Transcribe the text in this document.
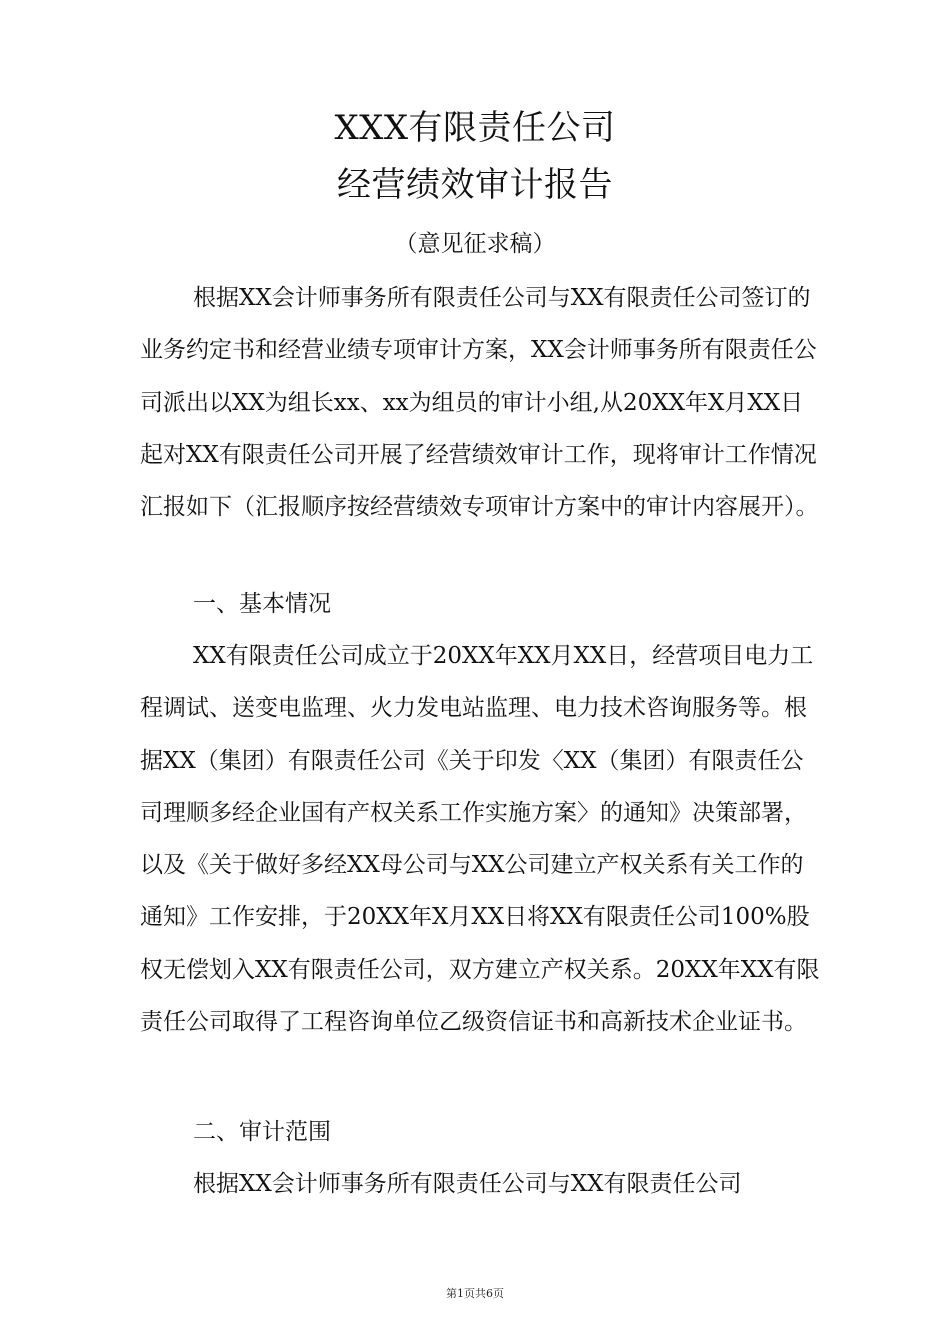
XXX有限责任公司
经营绩效审计报告
（意见征求稿）

根据XX会计师事务所有限责任公司与XX有限责任公司签订的业务约定书和经营业绩专项审计方案，XX会计师事务所有限责任公司派出以XX为组长xx、xx为组员的审计小组,从20XX年X月XX日起对XX有限责任公司开展了经营绩效审计工作，现将审计工作情况汇报如下（汇报顺序按经营绩效专项审计方案中的审计内容展开）。

一、基本情况

XX有限责任公司成立于20XX年XX月XX日，经营项目电力工程调试、送变电监理、火力发电站监理、电力技术咨询服务等。根据XX（集团）有限责任公司《关于印发〈XX（集团）有限责任公司理顺多经企业国有产权关系工作实施方案〉的通知》决策部署，以及《关于做好多经XX母公司与XX公司建立产权关系有关工作的通知》工作安排，于20XX年X月XX日将XX有限责任公司100%股权无偿划入XX有限责任公司，双方建立产权关系。20XX年XX有限责任公司取得了工程咨询单位乙级资信证书和高新技术企业证书。

二、审计范围

根据XX会计师事务所有限责任公司与XX有限责任公司

第1页共6页
